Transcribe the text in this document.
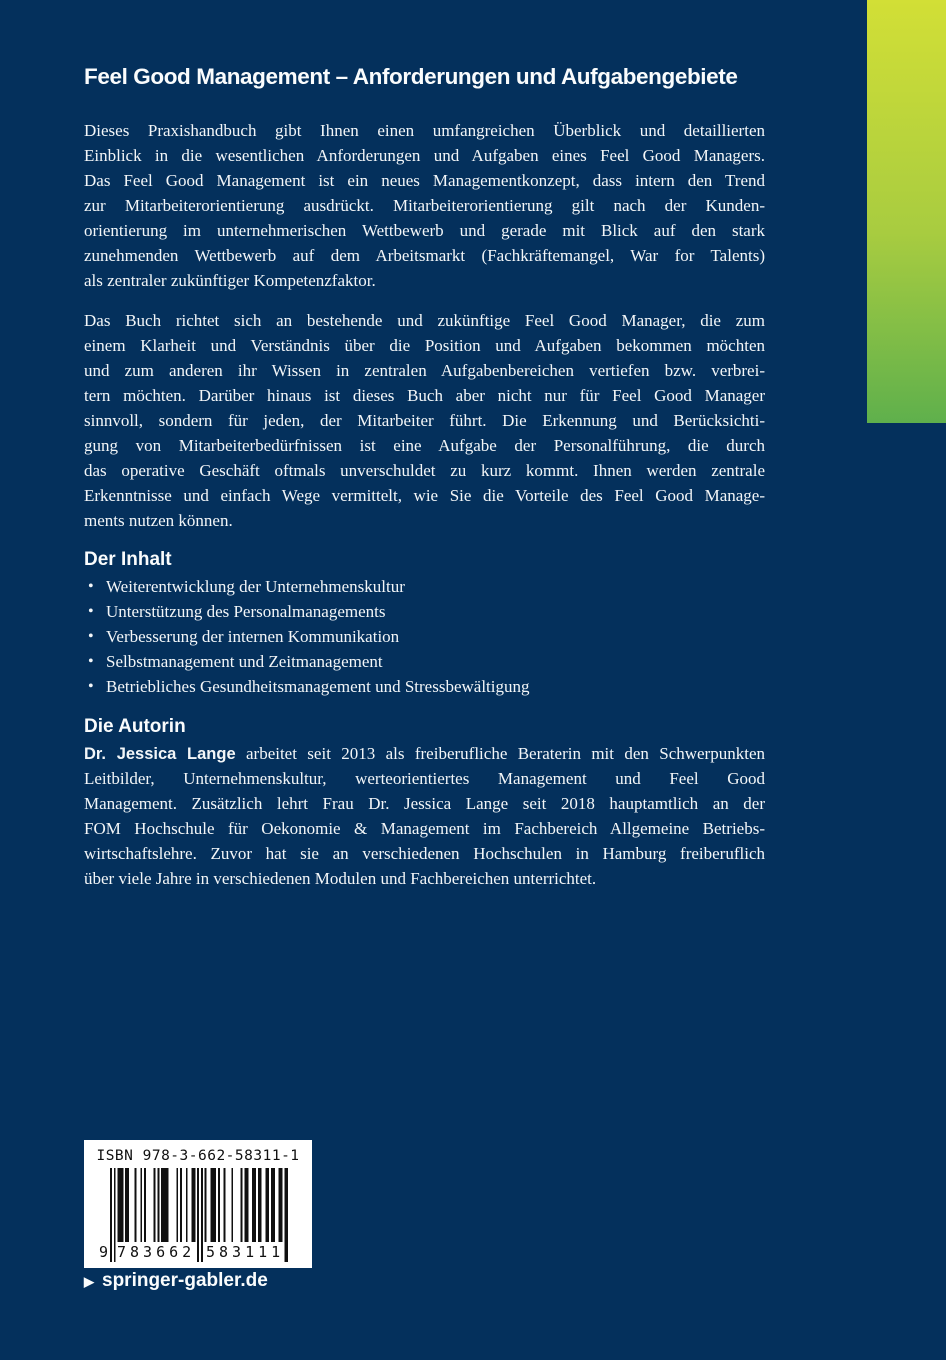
Feel Good Management – Anforderungen und Aufgabengebiete
Dieses Praxishandbuch gibt Ihnen einen umfangreichen Überblick und detaillierten
Einblick in die wesentlichen Anforderungen und Aufgaben eines Feel Good Managers.
Das Feel Good Management ist ein neues Managementkonzept, dass intern den Trend
zur Mitarbeiterorientierung ausdrückt. Mitarbeiterorientierung gilt nach der Kunden-
orientierung im unternehmerischen Wettbewerb und gerade mit Blick auf den stark
zunehmenden Wettbewerb auf dem Arbeitsmarkt (Fachkräftemangel, War for Talents)
als zentraler zukünftiger Kompetenzfaktor.
Das Buch richtet sich an bestehende und zukünftige Feel Good Manager, die zum
einem Klarheit und Verständnis über die Position und Aufgaben bekommen möchten
und zum anderen ihr Wissen in zentralen Aufgabenbereichen vertiefen bzw. verbrei-
tern möchten. Darüber hinaus ist dieses Buch aber nicht nur für Feel Good Manager
sinnvoll, sondern für jeden, der Mitarbeiter führt. Die Erkennung und Berücksichti-
gung von Mitarbeiterbedürfnissen ist eine Aufgabe der Personalführung, die durch
das operative Geschäft oftmals unverschuldet zu kurz kommt. Ihnen werden zentrale
Erkenntnisse und einfach Wege vermittelt, wie Sie die Vorteile des Feel Good Manage-
ments nutzen können.
Der Inhalt
• Weiterentwicklung der Unternehmenskultur
• Unterstützung des Personalmanagements
• Verbesserung der internen Kommunikation
• Selbstmanagement und Zeitmanagement
• Betriebliches Gesundheitsmanagement und Stressbewältigung
Die Autorin
Dr. Jessica Lange arbeitet seit 2013 als freiberufliche Beraterin mit den Schwerpunkten
Leitbilder, Unternehmenskultur, werteorientiertes Management und Feel Good
Management. Zusätzlich lehrt Frau Dr. Jessica Lange seit 2018 hauptamtlich an der
FOM Hochschule für Oekonomie & Management im Fachbereich Allgemeine Betriebs-
wirtschaftslehre. Zuvor hat sie an verschiedenen Hochschulen in Hamburg freiberuflich
über viele Jahre in verschiedenen Modulen und Fachbereichen unterrichtet.
ISBN 978-3-662-58311-1
9 783662 583111
▶ springer-gabler.de
